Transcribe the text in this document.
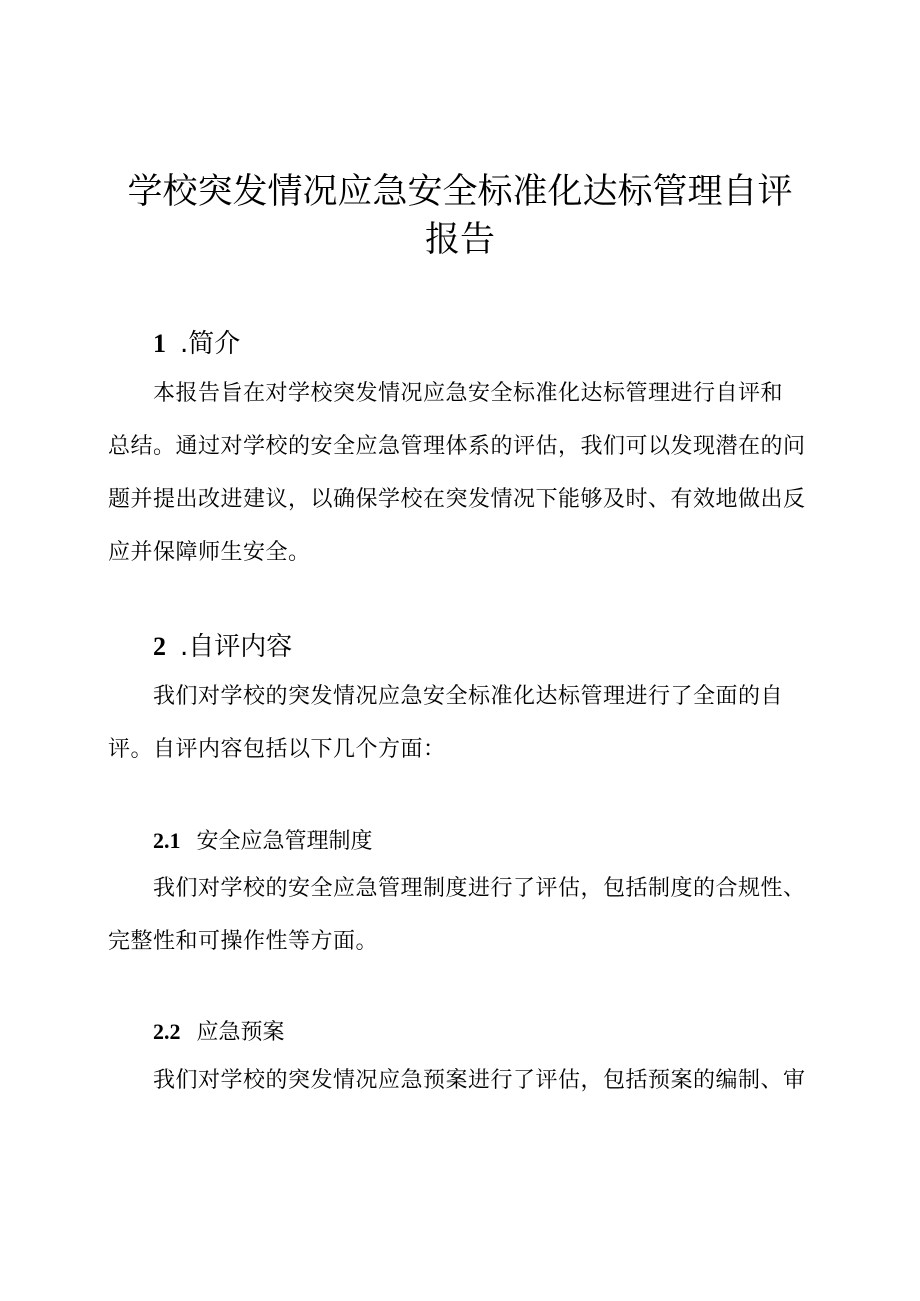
学校突发情况应急安全标准化达标管理自评
报告
1 .简介

本报告旨在对学校突发情况应急安全标准化达标管理进行自评和
总结。通过对学校的安全应急管理体系的评估，我们可以发现潜在的问
题并提出改进建议，以确保学校在突发情况下能够及时、有效地做出反
应并保障师生安全。

2 .自评内容

我们对学校的突发情况应急安全标准化达标管理进行了全面的自
评。自评内容包括以下几个方面：

2.1 安全应急管理制度

我们对学校的安全应急管理制度进行了评估，包括制度的合规性、
完整性和可操作性等方面。

2.2 应急预案

我们对学校的突发情况应急预案进行了评估，包括预案的编制、审
